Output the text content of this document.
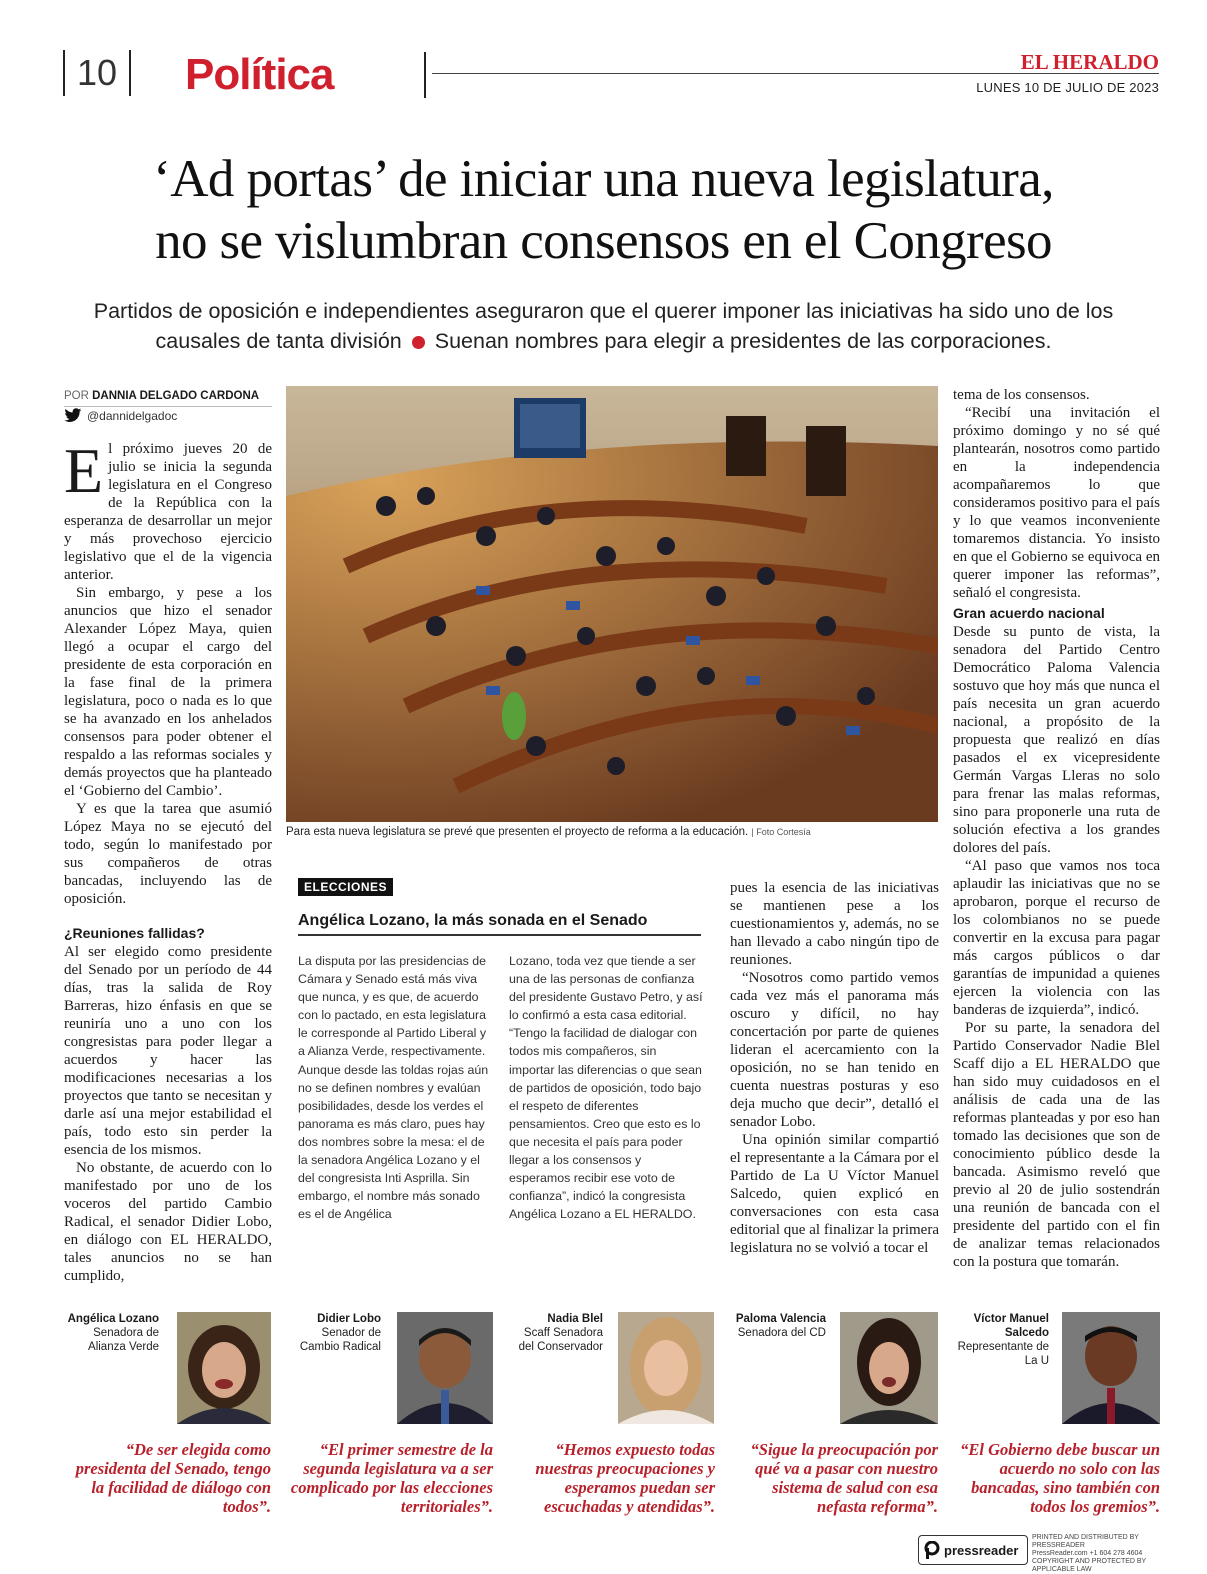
10	Política	EL HERALDO
LUNES 10 DE JULIO DE 2023
‘Ad portas’ de iniciar una nueva legislatura,
no se vislumbran consensos en el Congreso
Partidos de oposición e independientes aseguraron que el querer imponer las iniciativas ha sido uno de los causales de tanta división Suenan nombres para elegir a presidentes de las corporaciones.
POR DANNIA DELGADO CARDONA
@dannidelgadoc

El próximo jueves 20 de julio se inicia la segunda legislatura en el Congreso de la República con la esperanza de desarrollar un mejor y más provechoso ejercicio legislativo que el de la vigencia anterior.

Sin embargo, y pese a los anuncios que hizo el senador Alexander López Maya, quien llegó a ocupar el cargo del presidente de esta corporación en la fase final de la primera legislatura, poco o nada es lo que se ha avanzado en los anhelados consensos para poder obtener el respaldo a las reformas sociales y demás proyectos que ha planteado el ‘Gobierno del Cambio’.

Y es que la tarea que asumió López Maya no se ejecutó del todo, según lo manifestado por sus compañeros de otras bancadas, incluyendo las de oposición.

¿Reuniones fallidas?

Al ser elegido como presidente del Senado por un período de 44 días, tras la salida de Roy Barreras, hizo énfasis en que se reuniría uno a uno con los congresistas para poder llegar a acuerdos y hacer las modificaciones necesarias a los proyectos que tanto se necesitan y darle así una mejor estabilidad el país, todo esto sin perder la esencia de los mismos.

No obstante, de acuerdo con lo manifestado por uno de los voceros del partido Cambio Radical, el senador Didier Lobo, en diálogo con EL HERALDO, tales anuncios no se han cumplido,

Para esta nueva legislatura se prevé que presenten el proyecto de reforma a la educación. | Foto Cortesía
ELECCIONES
Angélica Lozano, la más sonada en el Senado
La disputa por las presidencias de Cámara y Senado está más viva que nunca, y es que, de acuerdo con lo pactado, en esta legislatura le corresponde al Partido Liberal y a Alianza Verde, respectivamente. Aunque desde las toldas rojas aún no se definen nombres y evalúan posibilidades, desde los verdes el panorama es más claro, pues hay dos nombres sobre la mesa: el de la senadora Angélica Lozano y el del congresista Inti Asprilla. Sin embargo, el nombre más sonado es el de Angélica
Lozano, toda vez que tiende a ser una de las personas de confianza del presidente Gustavo Petro, y así lo confirmó a esta casa editorial.
“Tengo la facilidad de dialogar con todos mis compañeros, sin importar las diferencias o que sean de partidos de oposición, todo bajo el respeto de diferentes pensamientos. Creo que esto es lo que necesita el país para poder llegar a los consensos y esperamos recibir ese voto de confianza”, indicó la congresista Angélica Lozano a EL HERALDO.

pues la esencia de las iniciativas se mantienen pese a los cuestionamientos y, además, no se han llevado a cabo ningún tipo de reuniones.

“Nosotros como partido vemos cada vez más el panorama más oscuro y difícil, no hay concertación por parte de quienes lideran el acercamiento con la oposición, no se han tenido en cuenta nuestras posturas y eso deja mucho que decir”, detalló el senador Lobo.

Una opinión similar compartió el representante a la Cámara por el Partido de La U Víctor Manuel Salcedo, quien explicó en conversaciones con esta casa editorial que al finalizar la primera legislatura no se volvió a tocar el

tema de los consensos.

“Recibí una invitación el próximo domingo y no sé qué plantearán, nosotros como partido en la independencia acompañaremos lo que consideramos positivo para el país y lo que veamos inconveniente tomaremos distancia. Yo insisto en que el Gobierno se equivoca en querer imponer las reformas”, señaló el congresista.

Gran acuerdo nacional

Desde su punto de vista, la senadora del Partido Centro Democrático Paloma Valencia sostuvo que hoy más que nunca el país necesita un gran acuerdo nacional, a propósito de la propuesta que realizó en días pasados el ex vicepresidente Germán Vargas Lleras no solo para frenar las malas reformas, sino para proponerle una ruta de solución efectiva a los grandes dolores del país.

“Al paso que vamos nos toca aplaudir las iniciativas que no se aprobaron, porque el recurso de los colombianos no se puede convertir en la excusa para pagar más cargos públicos o dar garantías de impunidad a quienes ejercen la violencia con las banderas de izquierda”, indicó.

Por su parte, la senadora del Partido Conservador Nadie Blel Scaff dijo a EL HERALDO que han sido muy cuidadosos en el análisis de cada una de las reformas planteadas y por eso han tomado las decisiones que son de conocimiento público desde la bancada. Asimismo reveló que previo al 20 de julio sostendrán una reunión de bancada con el presidente del partido con el fin de analizar temas relacionados con la postura que tomarán.

Angélica Lozano
Senadora de Alianza Verde
“De ser elegida como presidenta del Senado, tengo la facilidad de diálogo con todos”.
Didier Lobo
Senador de Cambio Radical
“El primer semestre de la segunda legislatura va a ser complicado por las elecciones territoriales”.
Nadia Blel
Scaff Senadora del Conservador
“Hemos expuesto todas nuestras preocupaciones y esperamos puedan ser escuchadas y atendidas”.
Paloma Valencia
Senadora del CD
“Sigue la preocupación por qué va a pasar con nuestro sistema de salud con esa nefasta reforma”.
Víctor Manuel Salcedo
Representante de La U
“El Gobierno debe buscar un acuerdo no solo con las bancadas, sino también con todos los gremios”.
pressreader
PRINTED AND DISTRIBUTED BY PRESSREADER
PressReader.com +1 604 278 4604
COPYRIGHT AND PROTECTED BY APPLICABLE LAW
